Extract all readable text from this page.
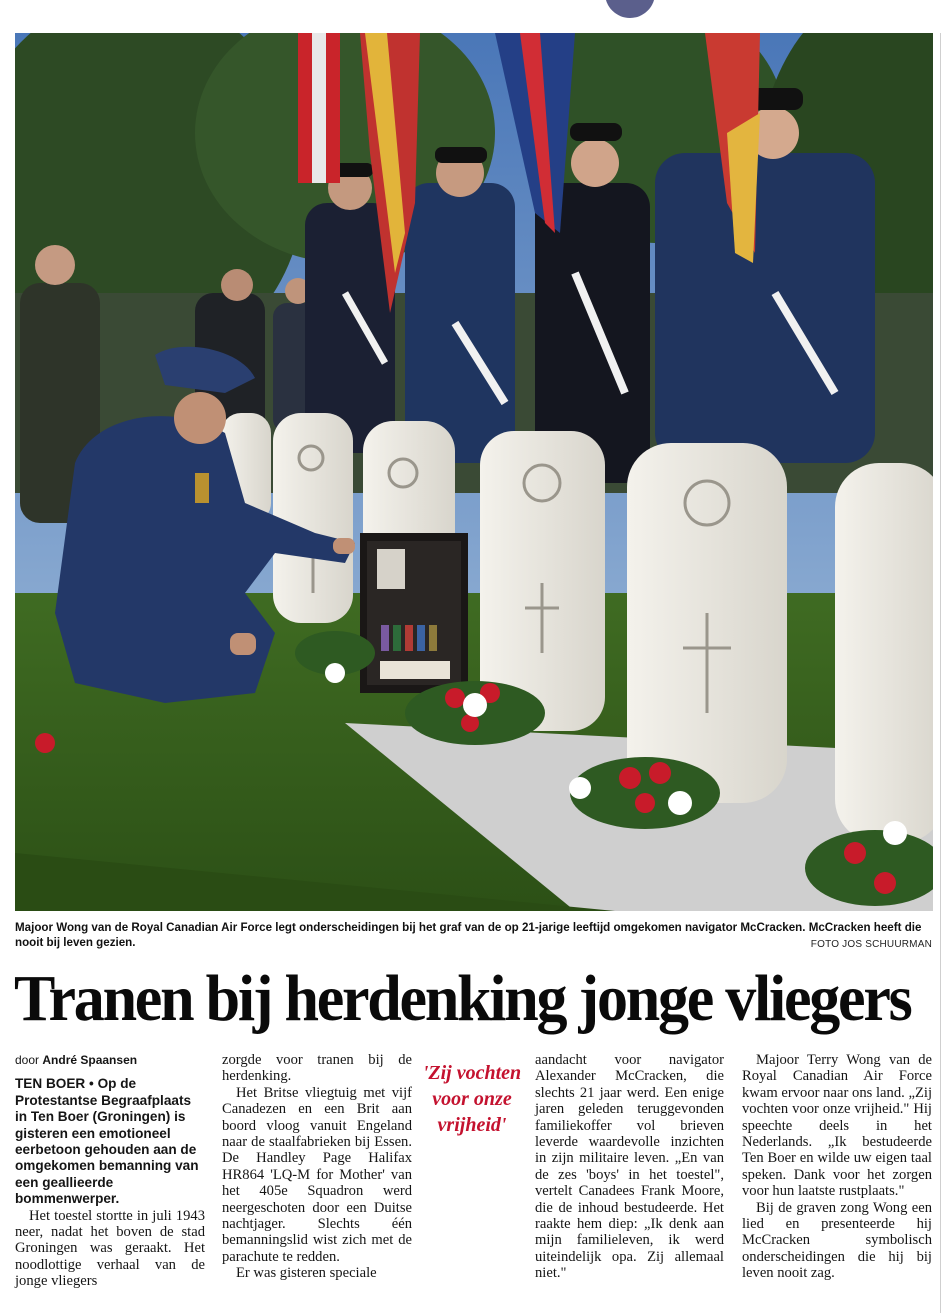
Majoor Wong van de Royal Canadian Air Force legt onderscheidingen bij het graf van de op 21-jarige leeftijd omgekomen navigator McCracken. McCracken heeft die nooit bij leven gezien.	FOTO JOS SCHUURMAN
Tranen bij herdenking jonge vliegers
door André Spaansen

TEN BOER • Op de Protestantse Begraafplaats in Ten Boer (Groningen) is gisteren een emotioneel eerbetoon gehouden aan de omgekomen bemanning van een geallieerde bommenwerper.

Het toestel stortte in juli 1943 neer, nadat het boven de stad Groningen was geraakt. Het noodlottige verhaal van de jonge vliegers

zorgde voor tranen bij de herdenking.

Het Britse vliegtuig met vijf Canadezen en een Brit aan boord vloog vanuit Engeland naar de staalfabrieken bij Essen. De Handley Page Halifax HR864 'LQ-M for Mother' van het 405e Squadron werd neergeschoten door een Duitse nachtjager. Slechts één bemanningslid wist zich met de parachute te redden.

Er was gisteren speciale

'Zij vochten voor onze vrijheid'

aandacht voor navigator Alexander McCracken, die slechts 21 jaar werd. Een enige jaren geleden teruggevonden familiekoffer vol brieven leverde waardevolle inzichten in zijn militaire leven. „En van de zes 'boys' in het toestel", vertelt Canadees Frank Moore, die de inhoud bestudeerde. Het raakte hem diep: „Ik denk aan mijn familieleven, ik werd uiteindelijk opa. Zij allemaal niet."

Majoor Terry Wong van de Royal Canadian Air Force kwam ervoor naar ons land. „Zij vochten voor onze vrijheid." Hij speechte deels in het Nederlands. „Ik bestudeerde Ten Boer en wilde uw eigen taal speken. Dank voor het zorgen voor hun laatste rustplaats."

Bij de graven zong Wong een lied en presenteerde hij McCracken symbolisch onderscheidingen die hij bij leven nooit zag.
